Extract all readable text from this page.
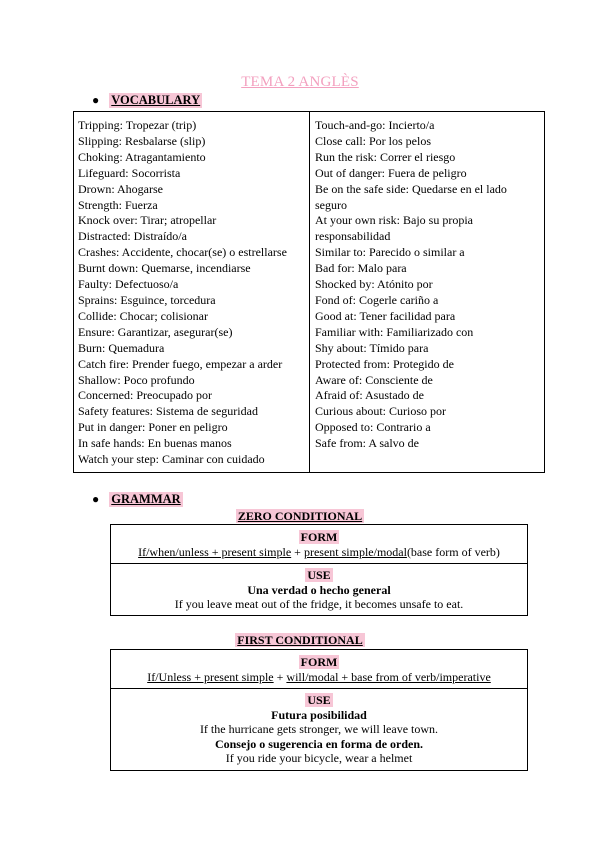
TEMA 2 ANGLÈS
● VOCABULARY
Tripping: Tropezar (trip)
Slipping: Resbalarse (slip)
Choking: Atragantamiento
Lifeguard: Socorrista
Drown: Ahogarse
Strength: Fuerza
Knock over: Tirar; atropellar
Distracted: Distraído/a
Crashes: Accidente, chocar(se) o estrellarse
Burnt down: Quemarse, incendiarse
Faulty: Defectuoso/a
Sprains: Esguince, torcedura
Collide: Chocar; colisionar
Ensure: Garantizar, asegurar(se)
Burn: Quemadura
Catch fire: Prender fuego, empezar a arder
Shallow: Poco profundo
Concerned: Preocupado por
Safety features: Sistema de seguridad
Put in danger: Poner en peligro
In safe hands: En buenas manos
Watch your step: Caminar con cuidado
Touch-and-go: Incierto/a
Close call: Por los pelos
Run the risk: Correr el riesgo
Out of danger: Fuera de peligro
Be on the safe side: Quedarse en el lado seguro
At your own risk: Bajo su propia responsabilidad
Similar to: Parecido o similar a
Bad for: Malo para
Shocked by: Atónito por
Fond of: Cogerle cariño a
Good at: Tener facilidad para
Familiar with: Familiarizado con
Shy about: Tímido para
Protected from: Protegido de
Aware of: Consciente de
Afraid of: Asustado de
Curious about: Curioso por
Opposed to: Contrario a
Safe from: A salvo de
● GRAMMAR
ZERO CONDITIONAL
FORM
If/when/unless + present simple + present simple/modal(base form of verb)
USE
Una verdad o hecho general
If you leave meat out of the fridge, it becomes unsafe to eat.
FIRST CONDITIONAL
FORM
If/Unless + present simple + will/modal + base from of verb/imperative
USE
Futura posibilidad
If the hurricane gets stronger, we will leave town.
Consejo o sugerencia en forma de orden.
If you ride your bicycle, wear a helmet
